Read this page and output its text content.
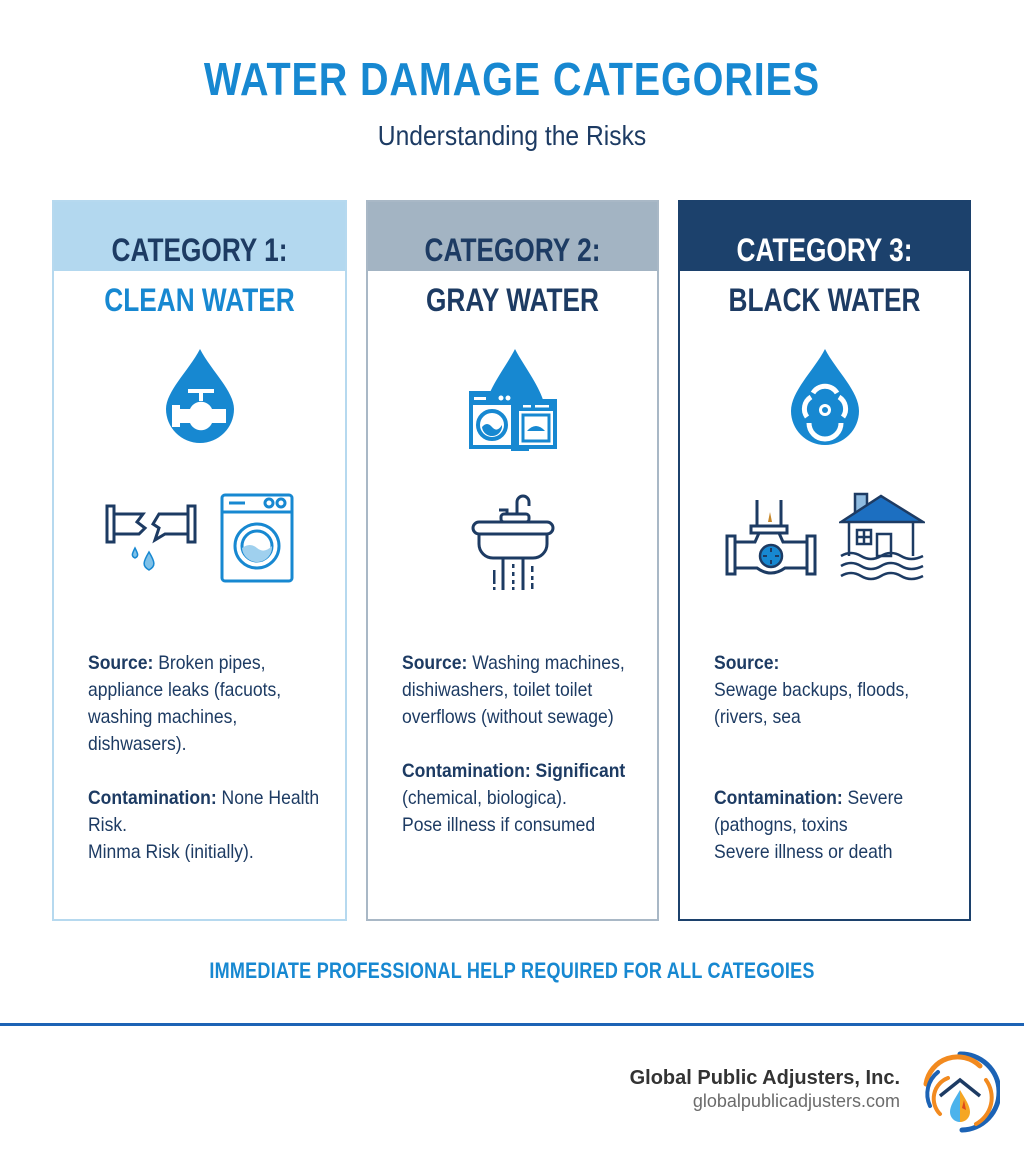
WATER DAMAGE CATEGORIES
Understanding the Risks
CATEGORY 1:
CLEAN WATER

Source: Broken pipes, appliance leaks (facuots, washing machines, dishwasers).

Contamination: None Health Risk.

Minma Risk (initially).

CATEGORY 2:
GRAY WATER

Source: Washing machines, dishiwashers, toilet toilet overflows (without sewage)

Contamination: Significant (chemical, biologica).

Pose illness if consumed

CATEGORY 3:
BLACK WATER

Source:

Sewage backups, floods,(rivers, sea

Contamination: Severe (pathogns, toxins

Severe illness or death

IMMEDIATE PROFESSIONAL HELP REQUIRED FOR ALL CATEGOIES
Global Public Adjusters, Inc.
globalpublicadjusters.com
